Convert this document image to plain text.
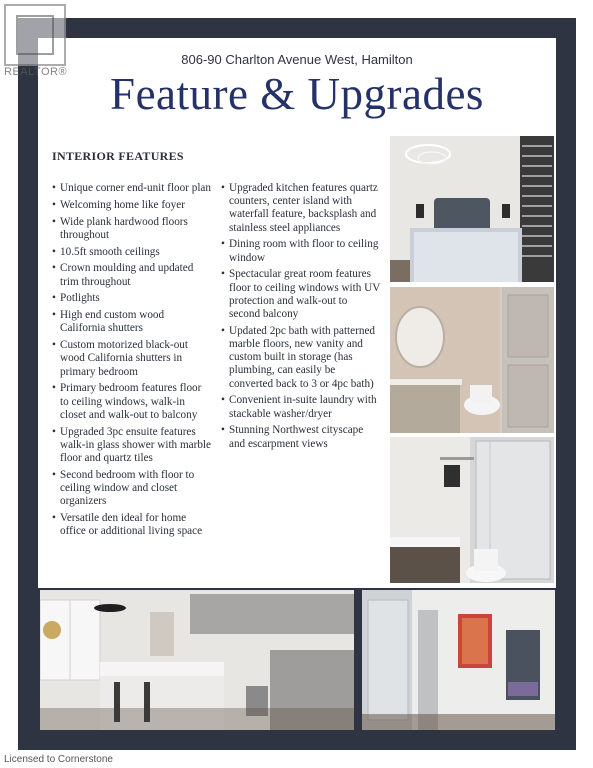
806-90 Charlton Avenue West, Hamilton
Feature & Upgrades
INTERIOR FEATURES
• Unique corner end-unit floor plan
• Welcoming home like foyer
• Wide plank hardwood floors throughout
• 10.5ft smooth ceilings
• Crown moulding and updated trim throughout
• Potlights
• High end custom wood California shutters
• Custom motorized black-out wood California shutters in primary bedroom
• Primary bedroom features floor to ceiling windows, walk-in closet and walk-out to balcony
• Upgraded 3pc ensuite features walk-in glass shower with marble floor and quartz tiles
• Second bedroom with floor to ceiling window and closet organizers
• Versatile den ideal for home office or additional living space
• Upgraded kitchen features quartz counters, center island with waterfall feature, backsplash and stainless steel appliances
• Dining room with floor to ceiling window
• Spectacular great room features floor to ceiling windows with UV protection and walk-out to second balcony
• Updated 2pc bath with patterned marble floors, new vanity and custom built in storage (has plumbing, can easily be converted back to 3 or 4pc bath)
• Convenient in-suite laundry with stackable washer/dryer
• Stunning Northwest cityscape and escarpment views
REALTOR®
Licensed to Cornerstone
